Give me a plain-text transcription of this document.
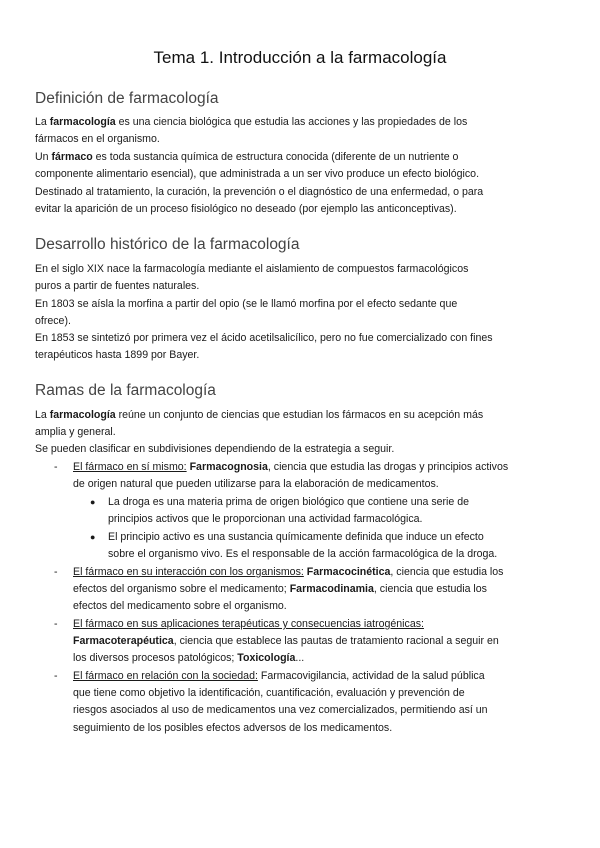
Tema 1. Introducción a la farmacología
Definición de farmacología
La farmacología es una ciencia biológica que estudia las acciones y las propiedades de los
fármacos en el organismo.
Un fármaco es toda sustancia química de estructura conocida (diferente de un nutriente o
componente alimentario esencial), que administrada a un ser vivo produce un efecto biológico.
Destinado al tratamiento, la curación, la prevención o el diagnóstico de una enfermedad, o para
evitar la aparición de un proceso fisiológico no deseado (por ejemplo las anticonceptivas).
Desarrollo histórico de la farmacología
En el siglo XIX nace la farmacología mediante el aislamiento de compuestos farmacológicos
puros a partir de fuentes naturales.
En 1803 se aísla la morfina a partir del opio (se le llamó morfina por el efecto sedante que
ofrece).
En 1853 se sintetizó por primera vez el ácido acetilsalicílico, pero no fue comercializado con fines
terapéuticos hasta 1899 por Bayer.
Ramas de la farmacología
La farmacología reúne un conjunto de ciencias que estudian los fármacos en su acepción más
amplia y general.
Se pueden clasificar en subdivisiones dependiendo de la estrategia a seguir.
- El fármaco en sí mismo: Farmacognosia, ciencia que estudia las drogas y principios activos
de origen natural que pueden utilizarse para la elaboración de medicamentos.
● La droga es una materia prima de origen biológico que contiene una serie de
principios activos que le proporcionan una actividad farmacológica.
● El principio activo es una sustancia químicamente definida que induce un efecto
sobre el organismo vivo. Es el responsable de la acción farmacológica de la droga.
- El fármaco en su interacción con los organismos: Farmacocinética, ciencia que estudia los
efectos del organismo sobre el medicamento; Farmacodinamia, ciencia que estudia los
efectos del medicamento sobre el organismo.
- El fármaco en sus aplicaciones terapéuticas y consecuencias iatrogénicas:
Farmacoterapéutica, ciencia que establece las pautas de tratamiento racional a seguir en
los diversos procesos patológicos; Toxicología...
- El fármaco en relación con la sociedad: Farmacovigilancia, actividad de la salud pública
que tiene como objetivo la identificación, cuantificación, evaluación y prevención de
riesgos asociados al uso de medicamentos una vez comercializados, permitiendo así un
seguimiento de los posibles efectos adversos de los medicamentos.
